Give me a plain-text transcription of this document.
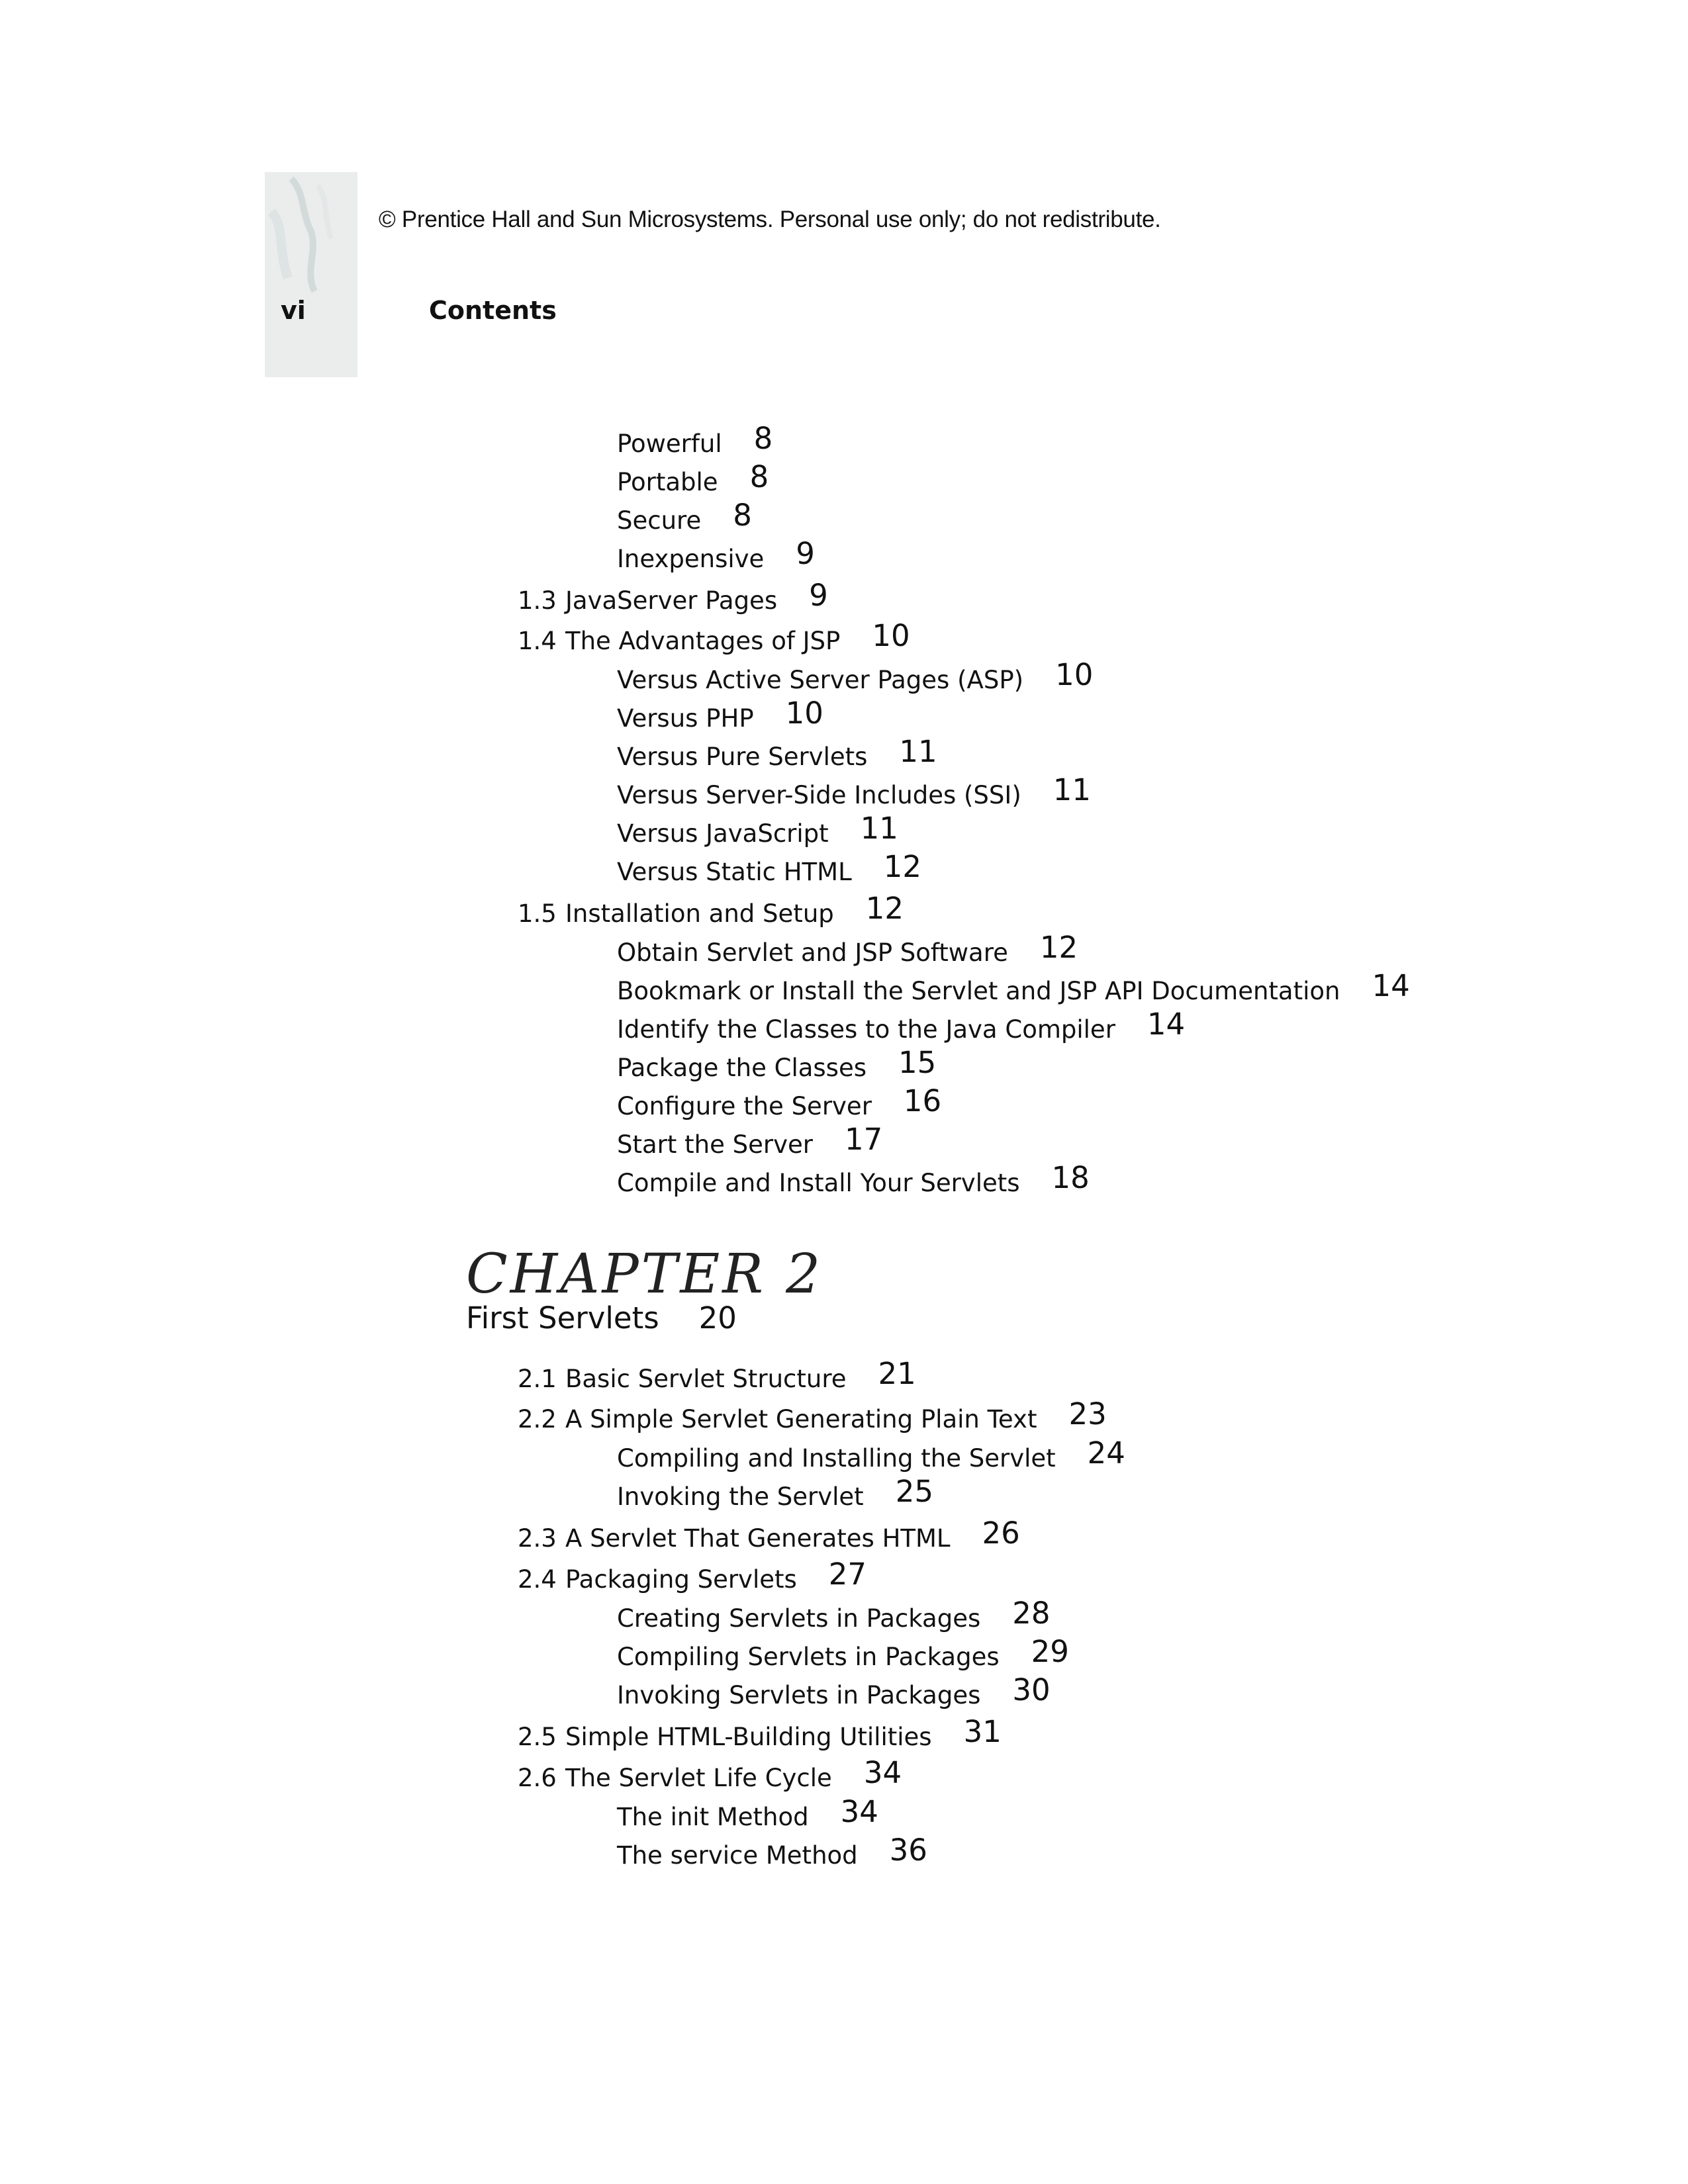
© Prentice Hall and Sun Microsystems. Personal use only; do not redistribute.
vi	Contents
Powerful 8
Portable 8
Secure 8
Inexpensive 9
1.3 JavaServer Pages 9
1.4 The Advantages of JSP 10
Versus Active Server Pages (ASP) 10
Versus PHP 10
Versus Pure Servlets 11
Versus Server-Side Includes (SSI) 11
Versus JavaScript 11
Versus Static HTML 12
1.5 Installation and Setup 12
Obtain Servlet and JSP Software 12
Bookmark or Install the Servlet and JSP API Documentation 14
Identify the Classes to the Java Compiler 14
Package the Classes 15
Configure the Server 16
Start the Server 17
Compile and Install Your Servlets 18
CHAPTER 2
First Servlets 20
2.1 Basic Servlet Structure 21
2.2 A Simple Servlet Generating Plain Text 23
Compiling and Installing the Servlet 24
Invoking the Servlet 25
2.3 A Servlet That Generates HTML 26
2.4 Packaging Servlets 27
Creating Servlets in Packages 28
Compiling Servlets in Packages 29
Invoking Servlets in Packages 30
2.5 Simple HTML-Building Utilities 31
2.6 The Servlet Life Cycle 34
The init Method 34
The service Method 36
